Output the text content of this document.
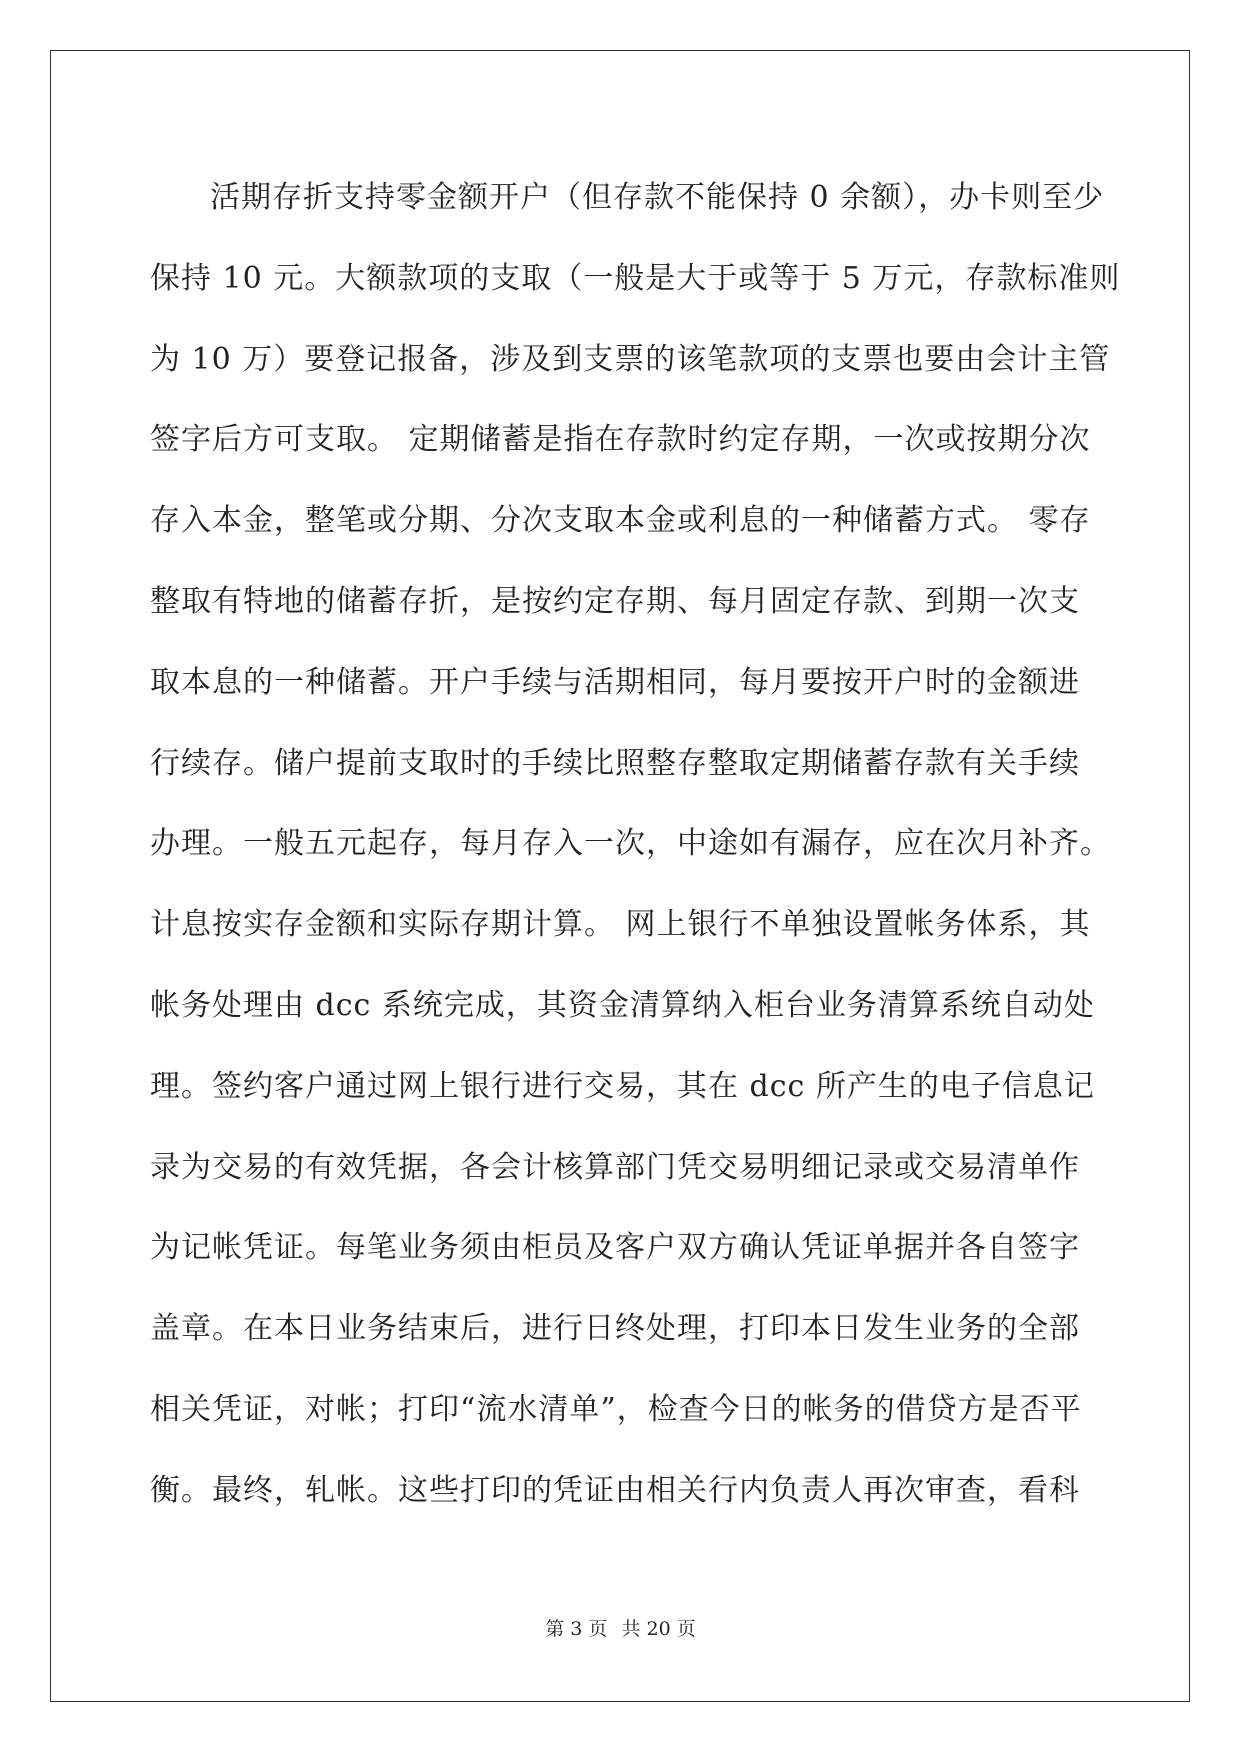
活期存折支持零金额开户（但存款不能保持 0 余额），办卡则至少
保持 10 元。大额款项的支取（一般是大于或等于 5 万元，存款标准则
为 10 万）要登记报备，涉及到支票的该笔款项的支票也要由会计主管
签字后方可支取。 定期储蓄是指在存款时约定存期，一次或按期分次
存入本金，整笔或分期、分次支取本金或利息的一种储蓄方式。 零存
整取有特地的储蓄存折，是按约定存期、每月固定存款、到期一次支
取本息的一种储蓄。开户手续与活期相同，每月要按开户时的金额进
行续存。储户提前支取时的手续比照整存整取定期储蓄存款有关手续
办理。一般五元起存，每月存入一次，中途如有漏存，应在次月补齐。
计息按实存金额和实际存期计算。 网上银行不单独设置帐务体系，其
帐务处理由 dcc 系统完成，其资金清算纳入柜台业务清算系统自动处
理。签约客户通过网上银行进行交易，其在 dcc 所产生的电子信息记
录为交易的有效凭据，各会计核算部门凭交易明细记录或交易清单作
为记帐凭证。每笔业务须由柜员及客户双方确认凭证单据并各自签字
盖章。在本日业务结束后，进行日终处理，打印本日发生业务的全部
相关凭证，对帐；打印“流水清单”，检查今日的帐务的借贷方是否平
衡。最终，轧帐。这些打印的凭证由相关行内负责人再次审查，看科
第 3 页 共 20 页
